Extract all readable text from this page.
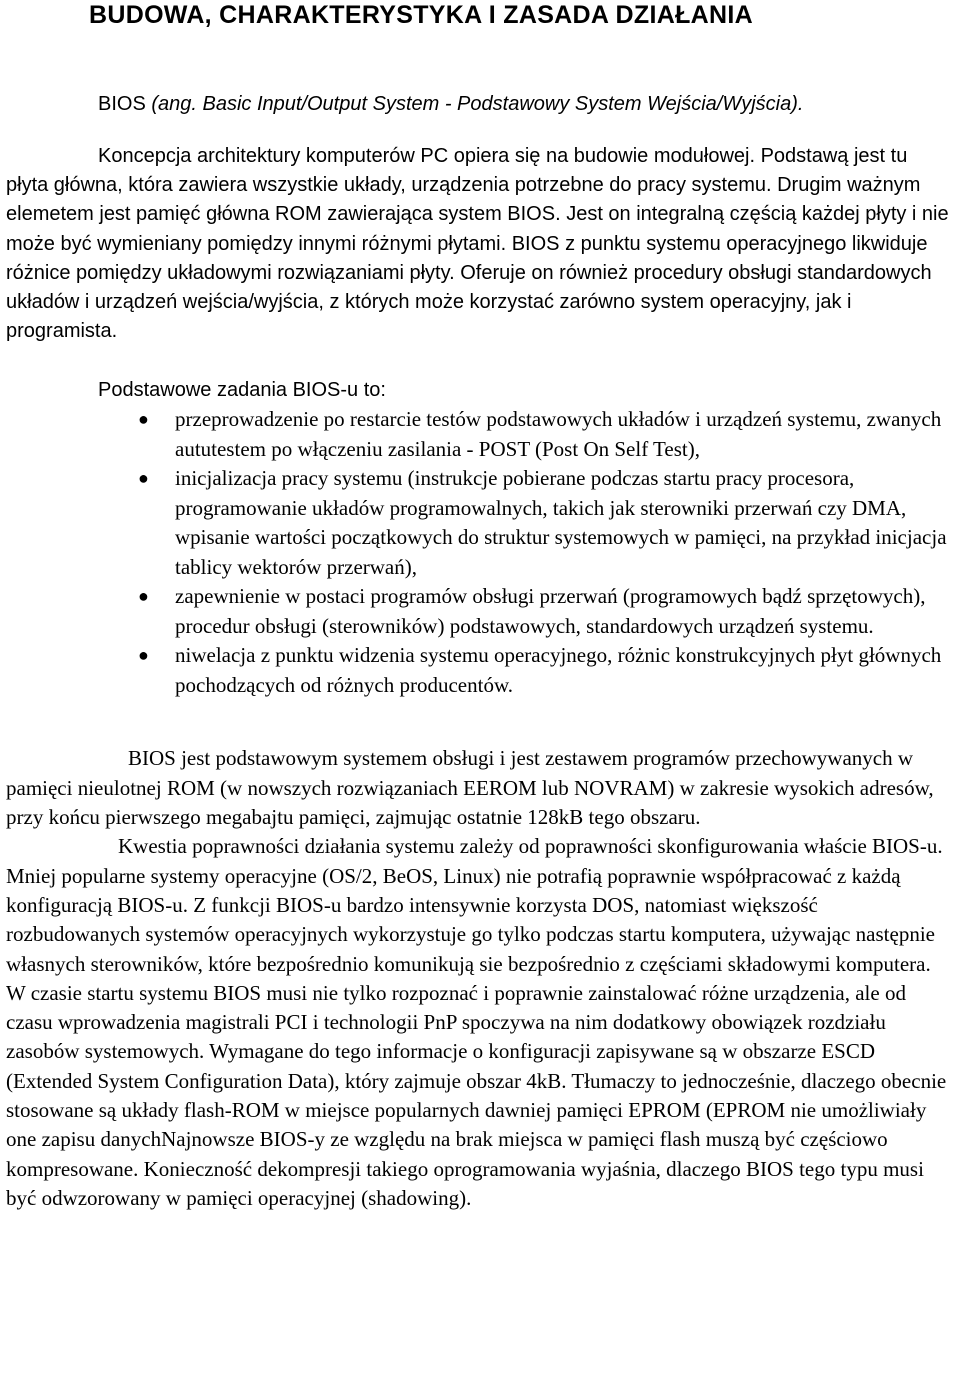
BUDOWA, CHARAKTERYSTYKA I ZASADA DZIAŁANIA

BIOS (ang. Basic Input/Output System - Podstawowy System Wejścia/Wyjścia).

Koncepcja architektury komputerów PC opiera się na budowie modułowej. Podstawą jest tu płyta główna, która zawiera wszystkie układy, urządzenia potrzebne do pracy systemu. Drugim ważnym elemetem jest pamięć główna ROM zawierająca system BIOS. Jest on integralną częścią każdej płyty i nie może być wymieniany pomiędzy innymi różnymi płytami. BIOS z punktu systemu operacyjnego likwiduje różnice pomiędzy układowymi rozwiązaniami płyty. Oferuje on również procedury obsługi standardowych układów i urządzeń wejścia/wyjścia, z których może korzystać zarówno system operacyjny, jak i programista.

Podstawowe zadania BIOS-u to:

● przeprowadzenie po restarcie testów podstawowych układów i urządzeń systemu, zwanych aututestem po włączeniu zasilania - POST (Post On Self Test),
● inicjalizacja pracy systemu (instrukcje pobierane podczas startu pracy procesora, programowanie układów programowalnych, takich jak sterowniki przerwań czy DMA, wpisanie wartości początkowych do struktur systemowych w pamięci, na przykład inicjacja tablicy wektorów przerwań),
● zapewnienie w postaci programów obsługi przerwań (programowych bądź sprzętowych), procedur obsługi (sterowników) podstawowych, standardowych urządzeń systemu.
● niwelacja z punktu widzenia systemu operacyjnego, różnic konstrukcyjnych płyt głównych pochodzących od różnych producentów.

BIOS jest podstawowym systemem obsługi i jest zestawem programów przechowywanych w pamięci nieulotnej ROM (w nowszych rozwiązaniach EEROM lub NOVRAM) w zakresie wysokich adresów, przy końcu pierwszego megabajtu pamięci, zajmując ostatnie 128kB tego obszaru.

Kwestia poprawności działania systemu zależy od poprawności skonfigurowania właście BIOS-u. Mniej popularne systemy operacyjne (OS/2, BeOS, Linux) nie potrafią poprawnie współpracować z każdą konfiguracją BIOS-u. Z funkcji BIOS-u bardzo intensywnie korzysta DOS, natomiast większość rozbudowanych systemów operacyjnych wykorzystuje go tylko podczas startu komputera, używając następnie własnych sterowników, które bezpośrednio komunikują sie bezpośrednio z częściami składowymi komputera. W czasie startu systemu BIOS musi nie tylko rozpoznać i poprawnie zainstalować różne urządzenia, ale od czasu wprowadzenia magistrali PCI i technologii PnP spoczywa na nim dodatkowy obowiązek rozdziału zasobów systemowych. Wymagane do tego informacje o konfiguracji zapisywane są w obszarze ESCD (Extended System Configuration Data), który zajmuje obszar 4kB. Tłumaczy to jednocześnie, dlaczego obecnie stosowane są układy flash-ROM w miejsce popularnych dawniej pamięci EPROM (EPROM nie umożliwiały one zapisu danychNajnowsze BIOS-y ze względu na brak miejsca w pamięci flash muszą być częściowo kompresowane. Konieczność dekompresji takiego oprogramowania wyjaśnia, dlaczego BIOS tego typu musi być odwzorowany w pamięci operacyjnej (shadowing).
